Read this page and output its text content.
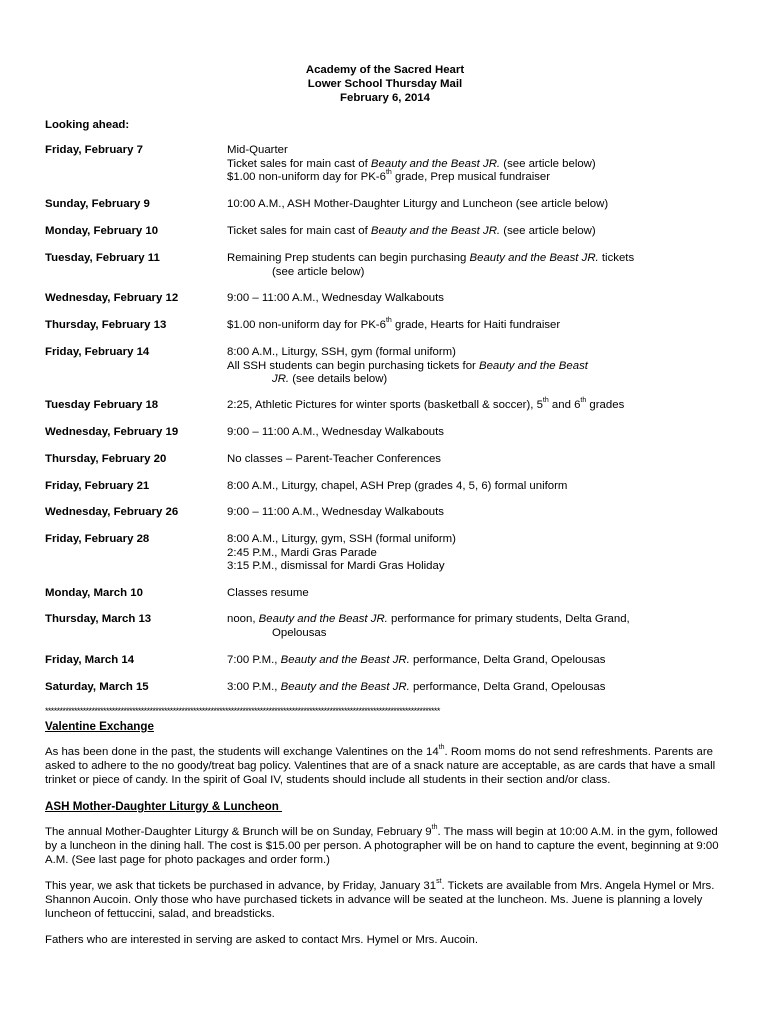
Academy of the Sacred Heart
Lower School Thursday Mail
February 6, 2014
Looking ahead:
Friday, February 7	Mid-Quarter
Ticket sales for main cast of Beauty and the Beast JR. (see article below)
$1.00 non-uniform day for PK-6th grade, Prep musical fundraiser
Sunday, February 9	10:00 A.M., ASH Mother-Daughter Liturgy and Luncheon (see article below)
Monday, February 10	Ticket sales for main cast of Beauty and the Beast JR. (see article below)
Tuesday, February 11	Remaining Prep students can begin purchasing Beauty and the Beast JR. tickets
(see article below)
Wednesday, February 12	9:00 – 11:00 A.M., Wednesday Walkabouts
Thursday, February 13	$1.00 non-uniform day for PK-6th grade, Hearts for Haiti fundraiser
Friday, February 14	8:00 A.M., Liturgy, SSH, gym (formal uniform)
All SSH students can begin purchasing tickets for Beauty and the Beast
JR. (see details below)
Tuesday February 18	2:25, Athletic Pictures for winter sports (basketball & soccer), 5th and 6th grades
Wednesday, February 19	9:00 – 11:00 A.M., Wednesday Walkabouts
Thursday, February 20	No classes – Parent-Teacher Conferences
Friday, February 21	8:00 A.M., Liturgy, chapel, ASH Prep (grades 4, 5, 6) formal uniform
Wednesday, February 26	9:00 – 11:00 A.M., Wednesday Walkabouts
Friday, February 28	8:00 A.M., Liturgy, gym, SSH (formal uniform)
2:45 P.M., Mardi Gras Parade
3:15 P.M., dismissal for Mardi Gras Holiday
Monday, March 10	Classes resume
Thursday, March 13	noon, Beauty and the Beast JR. performance for primary students, Delta Grand,
Opelousas
Friday, March 14	7:00 P.M., Beauty and the Beast JR. performance, Delta Grand, Opelousas
Saturday, March 15	3:00 P.M., Beauty and the Beast JR. performance, Delta Grand, Opelousas
****************************************************************************************************************************************
Valentine Exchange
As has been done in the past, the students will exchange Valentines on the 14th. Room moms do not send refreshments. Parents are
asked to adhere to the no goody/treat bag policy. Valentines that are of a snack nature are acceptable, as are cards that have a small
trinket or piece of candy. In the spirit of Goal IV, students should include all students in their section and/or class.
ASH Mother-Daughter Liturgy & Luncheon
The annual Mother-Daughter Liturgy & Brunch will be on Sunday, February 9th. The mass will begin at 10:00 A.M. in the gym, followed
by a luncheon in the dining hall. The cost is $15.00 per person. A photographer will be on hand to capture the event, beginning at 9:00
A.M. (See last page for photo packages and order form.)
This year, we ask that tickets be purchased in advance, by Friday, January 31st. Tickets are available from Mrs. Angela Hymel or Mrs.
Shannon Aucoin. Only those who have purchased tickets in advance will be seated at the luncheon. Ms. Juene is planning a lovely
luncheon of fettuccini, salad, and breadsticks.
Fathers who are interested in serving are asked to contact Mrs. Hymel or Mrs. Aucoin.
